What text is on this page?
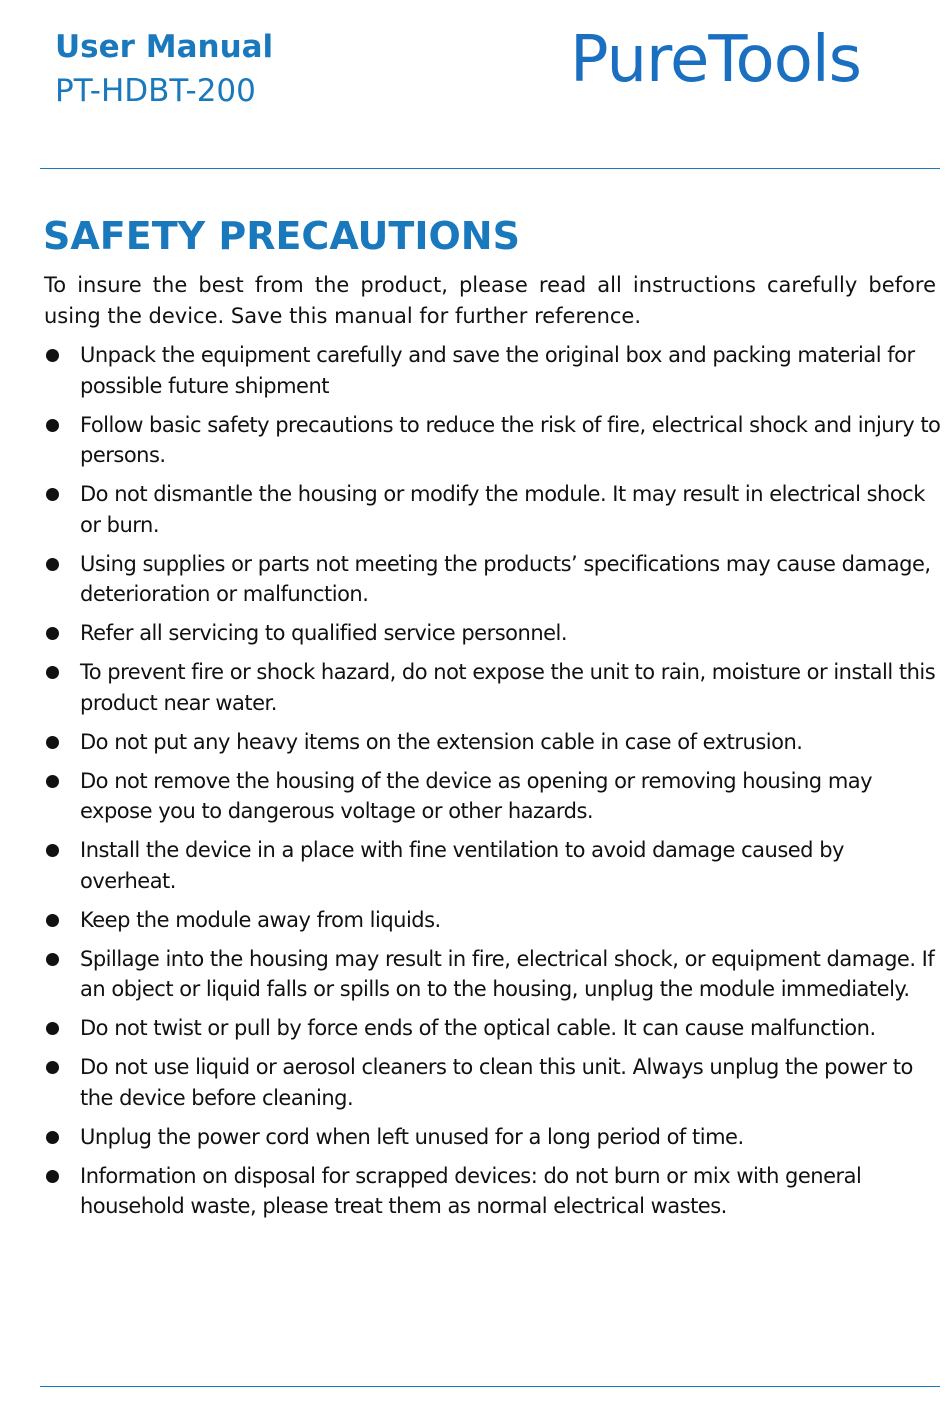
User Manual
PT-HDBT-200	PureTools
SAFETY PRECAUTIONS

To insure the best from the product, please read all instructions carefully before using the device. Save this manual for further reference.

Unpack the equipment carefully and save the original box and packing material for possible future shipment
Follow basic safety precautions to reduce the risk of fire, electrical shock and injury to persons.
Do not dismantle the housing or modify the module. It may result in electrical shock or burn.
Using supplies or parts not meeting the products’ specifications may cause damage, deterioration or malfunction.
Refer all servicing to qualified service personnel.
To prevent fire or shock hazard, do not expose the unit to rain, moisture or install this product near water.
Do not put any heavy items on the extension cable in case of extrusion.
Do not remove the housing of the device as opening or removing housing may expose you to dangerous voltage or other hazards.
Install the device in a place with fine ventilation to avoid damage caused by overheat.
Keep the module away from liquids.
Spillage into the housing may result in fire, electrical shock, or equipment damage. If an object or liquid falls or spills on to the housing, unplug the module immediately.
Do not twist or pull by force ends of the optical cable. It can cause malfunction.
Do not use liquid or aerosol cleaners to clean this unit. Always unplug the power to the device before cleaning.
Unplug the power cord when left unused for a long period of time.
Information on disposal for scrapped devices: do not burn or mix with general household waste, please treat them as normal electrical wastes.
